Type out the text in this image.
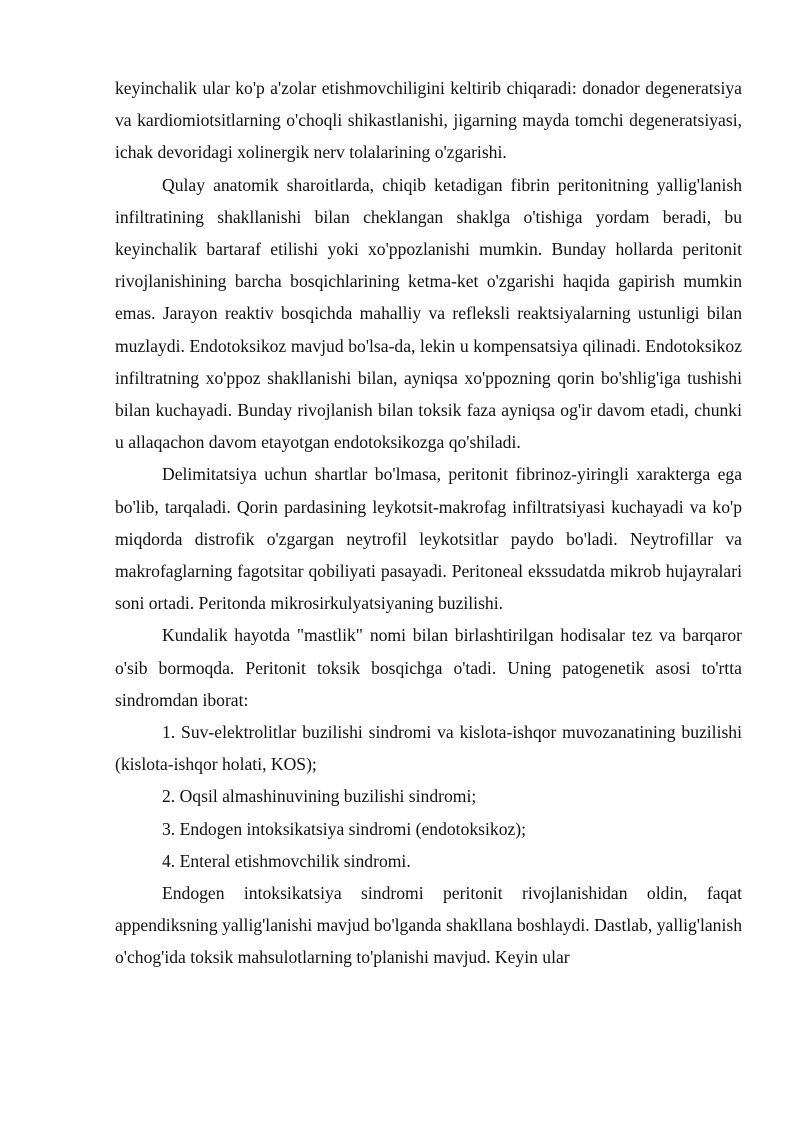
keyinchalik ular ko'p a'zolar etishmovchiligini keltirib chiqaradi: donador degeneratsiya va kardiomiotsitlarning o'choqli shikastlanishi, jigarning mayda tomchi degeneratsiyasi, ichak devoridagi xolinergik nerv tolalarining o'zgarishi.

Qulay anatomik sharoitlarda, chiqib ketadigan fibrin peritonitning yallig'lanish infiltratining shakllanishi bilan cheklangan shaklga o'tishiga yordam beradi, bu keyinchalik bartaraf etilishi yoki xo'ppozlanishi mumkin. Bunday hollarda peritonit rivojlanishining barcha bosqichlarining ketma-ket o'zgarishi haqida gapirish mumkin emas. Jarayon reaktiv bosqichda mahalliy va refleksli reaktsiyalarning ustunligi bilan muzlaydi. Endotoksikoz mavjud bo'lsa-da, lekin u kompensatsiya qilinadi. Endotoksikoz infiltratning xo'ppoz shakllanishi bilan, ayniqsa xo'ppozning qorin bo'shlig'iga tushishi bilan kuchayadi. Bunday rivojlanish bilan toksik faza ayniqsa og'ir davom etadi, chunki u allaqachon davom etayotgan endotoksikozga qo'shiladi.

Delimitatsiya uchun shartlar bo'lmasa, peritonit fibrinoz-yiringli xarakterga ega bo'lib, tarqaladi. Qorin pardasining leykotsit-makrofag infiltratsiyasi kuchayadi va ko'p miqdorda distrofik o'zgargan neytrofil leykotsitlar paydo bo'ladi. Neytrofillar va makrofaglarning fagotsitar qobiliyati pasayadi. Peritoneal ekssudatda mikrob hujayralari soni ortadi. Peritonda mikrosirkulyatsiyaning buzilishi.

Kundalik hayotda "mastlik" nomi bilan birlashtirilgan hodisalar tez va barqaror o'sib bormoqda. Peritonit toksik bosqichga o'tadi. Uning patogenetik asosi to'rtta sindromdan iborat:

1. Suv-elektrolitlar buzilishi sindromi va kislota-ishqor muvozanatining buzilishi (kislota-ishqor holati, KOS);

2. Oqsil almashinuvining buzilishi sindromi;

3. Endogen intoksikatsiya sindromi (endotoksikoz);

4. Enteral etishmovchilik sindromi.

Endogen intoksikatsiya sindromi peritonit rivojlanishidan oldin, faqat appendiksning yallig'lanishi mavjud bo'lganda shakllana boshlaydi. Dastlab, yallig'lanish o'chog'ida toksik mahsulotlarning to'planishi mavjud. Keyin ular
